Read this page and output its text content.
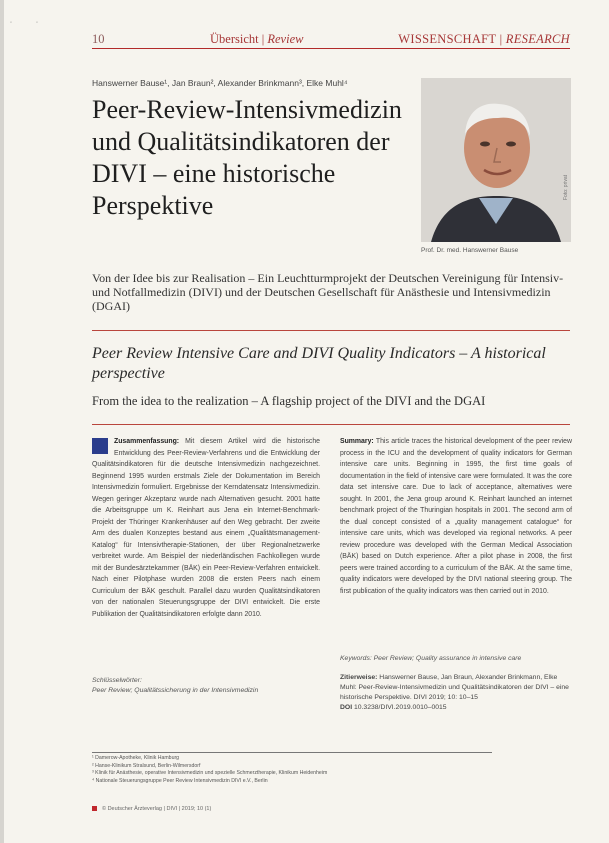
◦	◦
10	Übersicht | Review	WISSENSCHAFT | RESEARCH
Hanswerner Bause¹, Jan Braun², Alexander Brinkmann³, Elke Muhl⁴
Peer-Review-Intensivmedizin und Qualitätsindikatoren der DIVI – eine historische Perspektive
Foto: privat
Prof. Dr. med. Hanswerner Bause
Von der Idee bis zur Realisation – Ein Leuchtturmprojekt der Deutschen Vereinigung für Intensiv- und Notfallmedizin (DIVI) und der Deutschen Gesellschaft für Anästhesie und Intensivmedizin (DGAI)
Peer Review Intensive Care and DIVI Quality Indicators – A historical perspective
From the idea to the realization – A flagship project of the DIVI and the DGAI
Zusammenfassung: Mit diesem Artikel wird die historische Entwicklung des Peer-Review-Verfahrens und die Entwicklung der Qualitätsindikatoren für die deutsche Intensivmedizin nachgezeichnet. Beginnend 1995 wurden erstmals Ziele der Dokumentation im Bereich Intensivmedizin formuliert. Ergebnisse der Kerndatensatz Intensivmedizin. Wegen geringer Akzeptanz wurde nach Alternativen gesucht. 2001 hatte die Arbeitsgruppe um K. Reinhart aus Jena ein Internet-Benchmark-Projekt der Thüringer Krankenhäuser auf den Weg gebracht. Der zweite Arm des dualen Konzeptes bestand aus einem „Qualitätsmanagement-Katalog“ für Intensivtherapie-Stationen, der über Regionalnetzwerke verbreitet wurde. Am Beispiel der niederländischen Fachkollegen wurde mit der Bundesärztekammer (BÄK) ein Peer-Review-Verfahren entwickelt. Nach einer Pilotphase wurden 2008 die ersten Peers nach einem Curriculum der BÄK geschult. Parallel dazu wurden Qualitätsindikatoren von der nationalen Steuerungsgruppe der DIVI entwickelt. Die erste Publikation der Qualitätsindikatoren erfolgte dann 2010.
Schlüsselwörter:
Peer Review; Qualitätssicherung in der Intensivmedizin
Summary: This article traces the historical development of the peer review process in the ICU and the development of quality indicators for German intensive care units. Beginning in 1995, the first time goals of documentation in the field of intensive care were formulated. It was the core data set intensive care. Due to lack of acceptance, alternatives were sought. In 2001, the Jena group around K. Reinhart launched an internet benchmark project of the Thuringian hospitals in 2001. The second arm of the dual concept consisted of a „quality management catalogue“ for intensive care units, which was developed via regional networks. A peer review procedure was developed with the German Medical Association (BÄK) based on Dutch experience. After a pilot phase in 2008, the first peers were trained according to a curriculum of the BÄK. At the same time, quality indicators were developed by the DIVI national steering group. The first publication of the quality indicators was then carried out in 2010.
Keywords: Peer Review; Quality assurance in intensive care
Zitierweise: Hanswerner Bause, Jan Braun, Alexander Brinkmann, Elke Muhl: Peer-Review-Intensivmedizin und Qualitätsindikatoren der DIVI – eine historische Perspektive. DIVI 2019; 10: 10–15
DOI 10.3238/DIVI.2019.0010–0015
¹ Damerow-Apotheke, Klinik Hamburg
² Hanse-Klinikum Stralsund, Berlin-Wilmersdorf
³ Klinik für Anästhesie, operative Intensivmedizin und spezielle Schmerztherapie, Klinikum Heidenheim
⁴ Nationale Steuerungsgruppe Peer Review Intensivmedizin DIVI e.V., Berlin
© Deutscher Ärzteverlag | DIVI | 2019; 10 (1)
